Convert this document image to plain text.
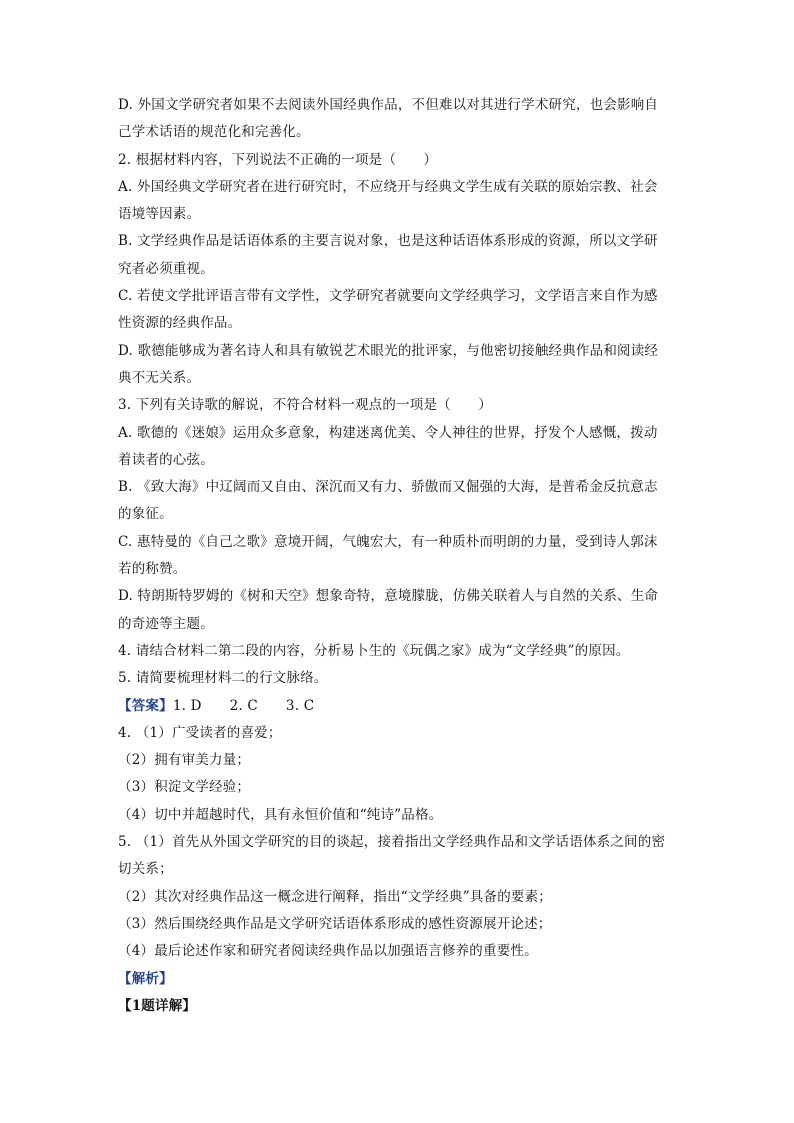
D. 外国文学研究者如果不去阅读外国经典作品，不但难以对其进行学术研究，也会影响自
己学术话语的规范化和完善化。
2. 根据材料内容，下列说法不正确的一项是（　　）
A. 外国经典文学研究者在进行研究时，不应绕开与经典文学生成有关联的原始宗教、社会
语境等因素。
B. 文学经典作品是话语体系的主要言说对象，也是这种话语体系形成的资源，所以文学研
究者必须重视。
C. 若使文学批评语言带有文学性，文学研究者就要向文学经典学习，文学语言来自作为感
性资源的经典作品。
D. 歌德能够成为著名诗人和具有敏锐艺术眼光的批评家，与他密切接触经典作品和阅读经
典不无关系。
3. 下列有关诗歌的解说，不符合材料一观点的一项是（　　）
A. 歌德的《迷娘》运用众多意象，构建迷离优美、令人神往的世界，抒发个人感慨，拨动
着读者的心弦。
B. 《致大海》中辽阔而又自由、深沉而又有力、骄傲而又倔强的大海，是普希金反抗意志
的象征。
C. 惠特曼的《自己之歌》意境开阔，气魄宏大，有一种质朴而明朗的力量，受到诗人郭沫
若的称赞。
D. 特朗斯特罗姆的《树和天空》想象奇特，意境朦胧，仿佛关联着人与自然的关系、生命
的奇迹等主题。
4. 请结合材料二第二段的内容，分析易卜生的《玩偶之家》成为“文学经典”的原因。
5. 请简要梳理材料二的行文脉络。
【答案】1. D 2. C 3. C
4. （1）广受读者的喜爱；
（2）拥有审美力量；
（3）积淀文学经验；
（4）切中并超越时代，具有永恒价值和“纯诗”品格。
5. （1）首先从外国文学研究的目的谈起，接着指出文学经典作品和文学话语体系之间的密
切关系；
（2）其次对经典作品这一概念进行阐释，指出“文学经典”具备的要素；
（3）然后围绕经典作品是文学研究话语体系形成的感性资源展开论述；
（4）最后论述作家和研究者阅读经典作品以加强语言修养的重要性。
【解析】
【1题详解】
